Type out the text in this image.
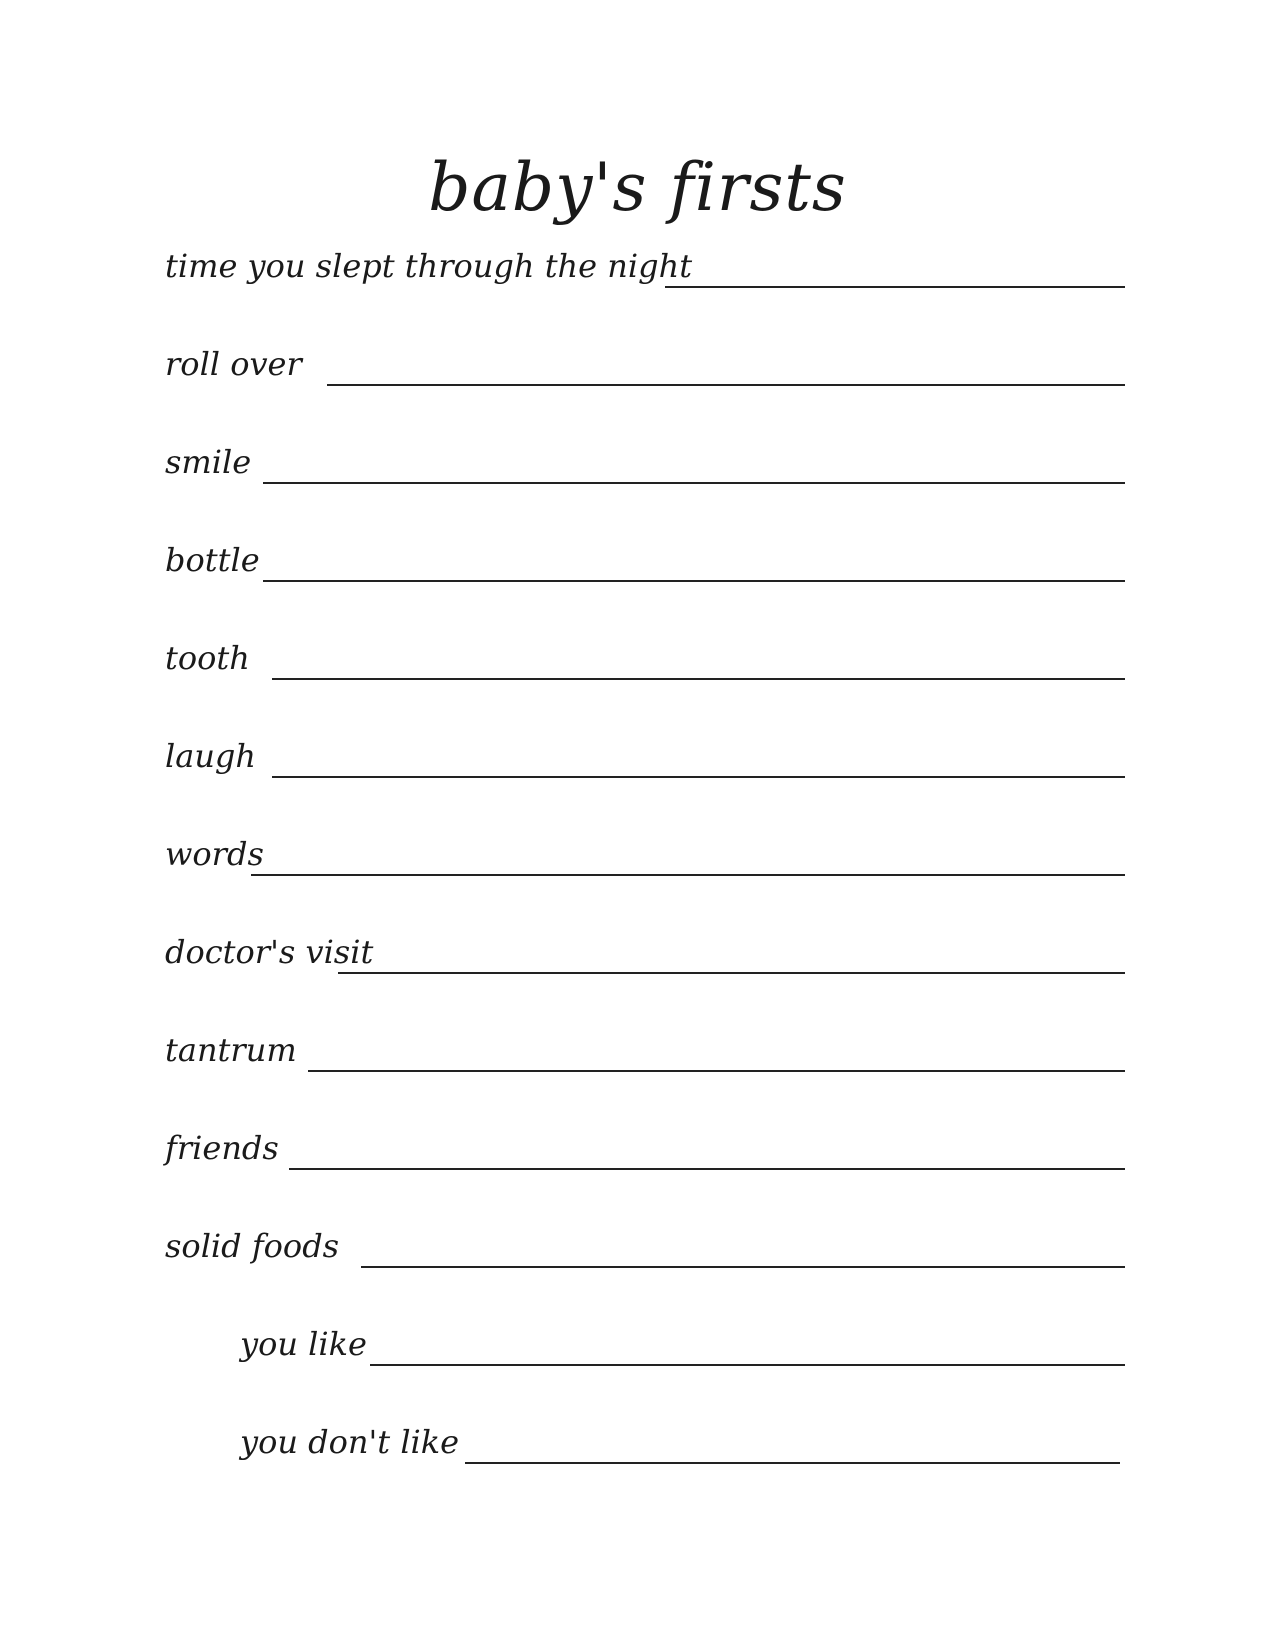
baby's firsts
time you slept through the night
roll over
smile
bottle
tooth
laugh
words
doctor's visit
tantrum
friends
solid foods
you like
you don't like
